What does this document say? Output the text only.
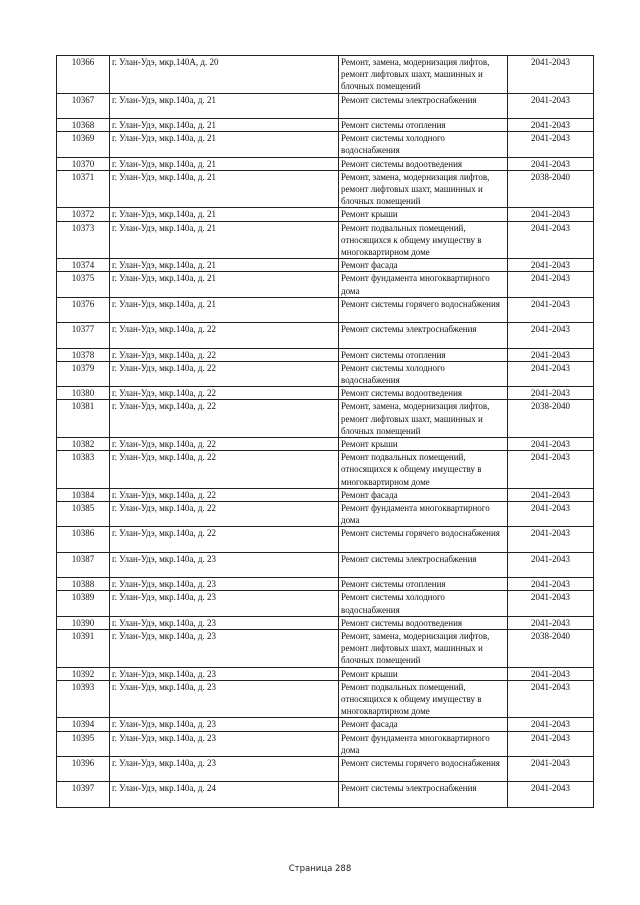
10366	г. Улан-Удэ, мкр.140А, д. 20	Ремонт, замена, модернизация лифтов, ремонт лифтовых шахт, машинных и блочных помещений	2041-2043
10367	г. Улан-Удэ, мкр.140а, д. 21	Ремонт системы электроснабжения	2041-2043
10368	г. Улан-Удэ, мкр.140а, д. 21	Ремонт системы отопления	2041-2043
10369	г. Улан-Удэ, мкр.140а, д. 21	Ремонт системы холодного водоснабжения	2041-2043
10370	г. Улан-Удэ, мкр.140а, д. 21	Ремонт системы водоотведения	2041-2043
10371	г. Улан-Удэ, мкр.140а, д. 21	Ремонт, замена, модернизация лифтов, ремонт лифтовых шахт, машинных и блочных помещений	2038-2040
10372	г. Улан-Удэ, мкр.140а, д. 21	Ремонт крыши	2041-2043
10373	г. Улан-Удэ, мкр.140а, д. 21	Ремонт подвальных помещений, относящихся к общему имуществу в многоквартирном доме	2041-2043
10374	г. Улан-Удэ, мкр.140а, д. 21	Ремонт фасада	2041-2043
10375	г. Улан-Удэ, мкр.140а, д. 21	Ремонт фундамента многоквартирного дома	2041-2043
10376	г. Улан-Удэ, мкр.140а, д. 21	Ремонт системы горячего водоснабжения	2041-2043
10377	г. Улан-Удэ, мкр.140а, д. 22	Ремонт системы электроснабжения	2041-2043
10378	г. Улан-Удэ, мкр.140а, д. 22	Ремонт системы отопления	2041-2043
10379	г. Улан-Удэ, мкр.140а, д. 22	Ремонт системы холодного водоснабжения	2041-2043
10380	г. Улан-Удэ, мкр.140а, д. 22	Ремонт системы водоотведения	2041-2043
10381	г. Улан-Удэ, мкр.140а, д. 22	Ремонт, замена, модернизация лифтов, ремонт лифтовых шахт, машинных и блочных помещений	2038-2040
10382	г. Улан-Удэ, мкр.140а, д. 22	Ремонт крыши	2041-2043
10383	г. Улан-Удэ, мкр.140а, д. 22	Ремонт подвальных помещений, относящихся к общему имуществу в многоквартирном доме	2041-2043
10384	г. Улан-Удэ, мкр.140а, д. 22	Ремонт фасада	2041-2043
10385	г. Улан-Удэ, мкр.140а, д. 22	Ремонт фундамента многоквартирного дома	2041-2043
10386	г. Улан-Удэ, мкр.140а, д. 22	Ремонт системы горячего водоснабжения	2041-2043
10387	г. Улан-Удэ, мкр.140а, д. 23	Ремонт системы электроснабжения	2041-2043
10388	г. Улан-Удэ, мкр.140а, д. 23	Ремонт системы отопления	2041-2043
10389	г. Улан-Удэ, мкр.140а, д. 23	Ремонт системы холодного водоснабжения	2041-2043
10390	г. Улан-Удэ, мкр.140а, д. 23	Ремонт системы водоотведения	2041-2043
10391	г. Улан-Удэ, мкр.140а, д. 23	Ремонт, замена, модернизация лифтов, ремонт лифтовых шахт, машинных и блочных помещений	2038-2040
10392	г. Улан-Удэ, мкр.140а, д. 23	Ремонт крыши	2041-2043
10393	г. Улан-Удэ, мкр.140а, д. 23	Ремонт подвальных помещений, относящихся к общему имуществу в многоквартирном доме	2041-2043
10394	г. Улан-Удэ, мкр.140а, д. 23	Ремонт фасада	2041-2043
10395	г. Улан-Удэ, мкр.140а, д. 23	Ремонт фундамента многоквартирного дома	2041-2043
10396	г. Улан-Удэ, мкр.140а, д. 23	Ремонт системы горячего водоснабжения	2041-2043
10397	г. Улан-Удэ, мкр.140а, д. 24	Ремонт системы электроснабжения	2041-2043
Страница 288
